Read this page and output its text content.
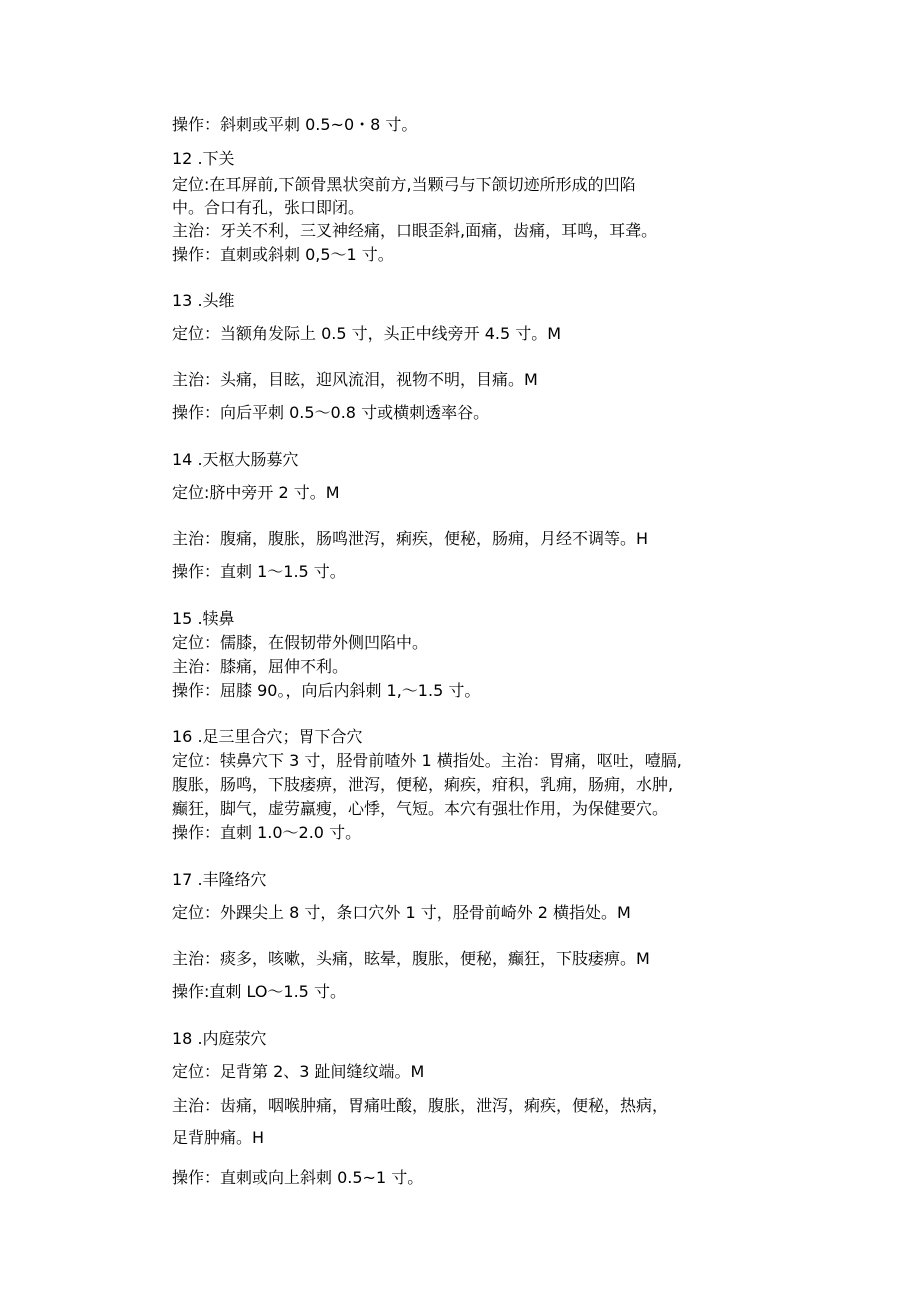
操作：斜刺或平刺 0.5~0・8 寸。
12 .下关
定位:在耳屏前,下颌骨黑状突前方,当颗弓与下颌切迹所形成的凹陷
中。合口有孔，张口即闭。
主治：牙关不利，三叉神经痛，口眼歪斜,面痛，齿痛，耳鸣，耳聋。
操作：直刺或斜刺 0,5～1 寸。
13 .头维
定位：当额角发际上 0.5 寸，头正中线旁开 4.5 寸。M
主治：头痛，目眩，迎风流泪，视物不明，目痛。M
操作：向后平刺 0.5～0.8 寸或横刺透率谷。
14 .天枢大肠募穴
定位:脐中旁开 2 寸。M
主治：腹痛，腹胀，肠鸣泄泻，痢疾，便秘，肠痈，月经不调等。H
操作：直刺 1～1.5 寸。
15 .犊鼻
定位：儒膝，在假韧带外侧凹陷中。
主治：膝痛，屈伸不利。
操作：屈膝 90。，向后内斜刺 1,～1.5 寸。
16 .足三里合穴；胃下合穴
定位：犊鼻穴下 3 寸，胫骨前喳外 1 横指处。主治：胃痛，呕吐，噎膈,
腹胀，肠鸣，下肢痿痹，泄泻，便秘，痢疾，疳积，乳痈，肠痈，水肿,
癫狂，脚气，虚劳羸瘦，心悸，气短。本穴有强壮作用，为保健要穴。
操作：直刺 1.0～2.0 寸。
17 .丰隆络穴
定位：外踝尖上 8 寸，条口穴外 1 寸，胫骨前崎外 2 横指处。M
主治：痰多，咳嗽，头痛，眩晕，腹胀，便秘，癫狂，下肢痿痹。M
操作:直刺 LO～1.5 寸。
18 .内庭荥穴
定位：足背第 2、3 趾间缝纹端。M
主治：齿痛，咽喉肿痛，胃痛吐酸，腹胀，泄泻，痢疾，便秘，热病，
足背肿痛。H
操作：直刺或向上斜刺 0.5~1 寸。
